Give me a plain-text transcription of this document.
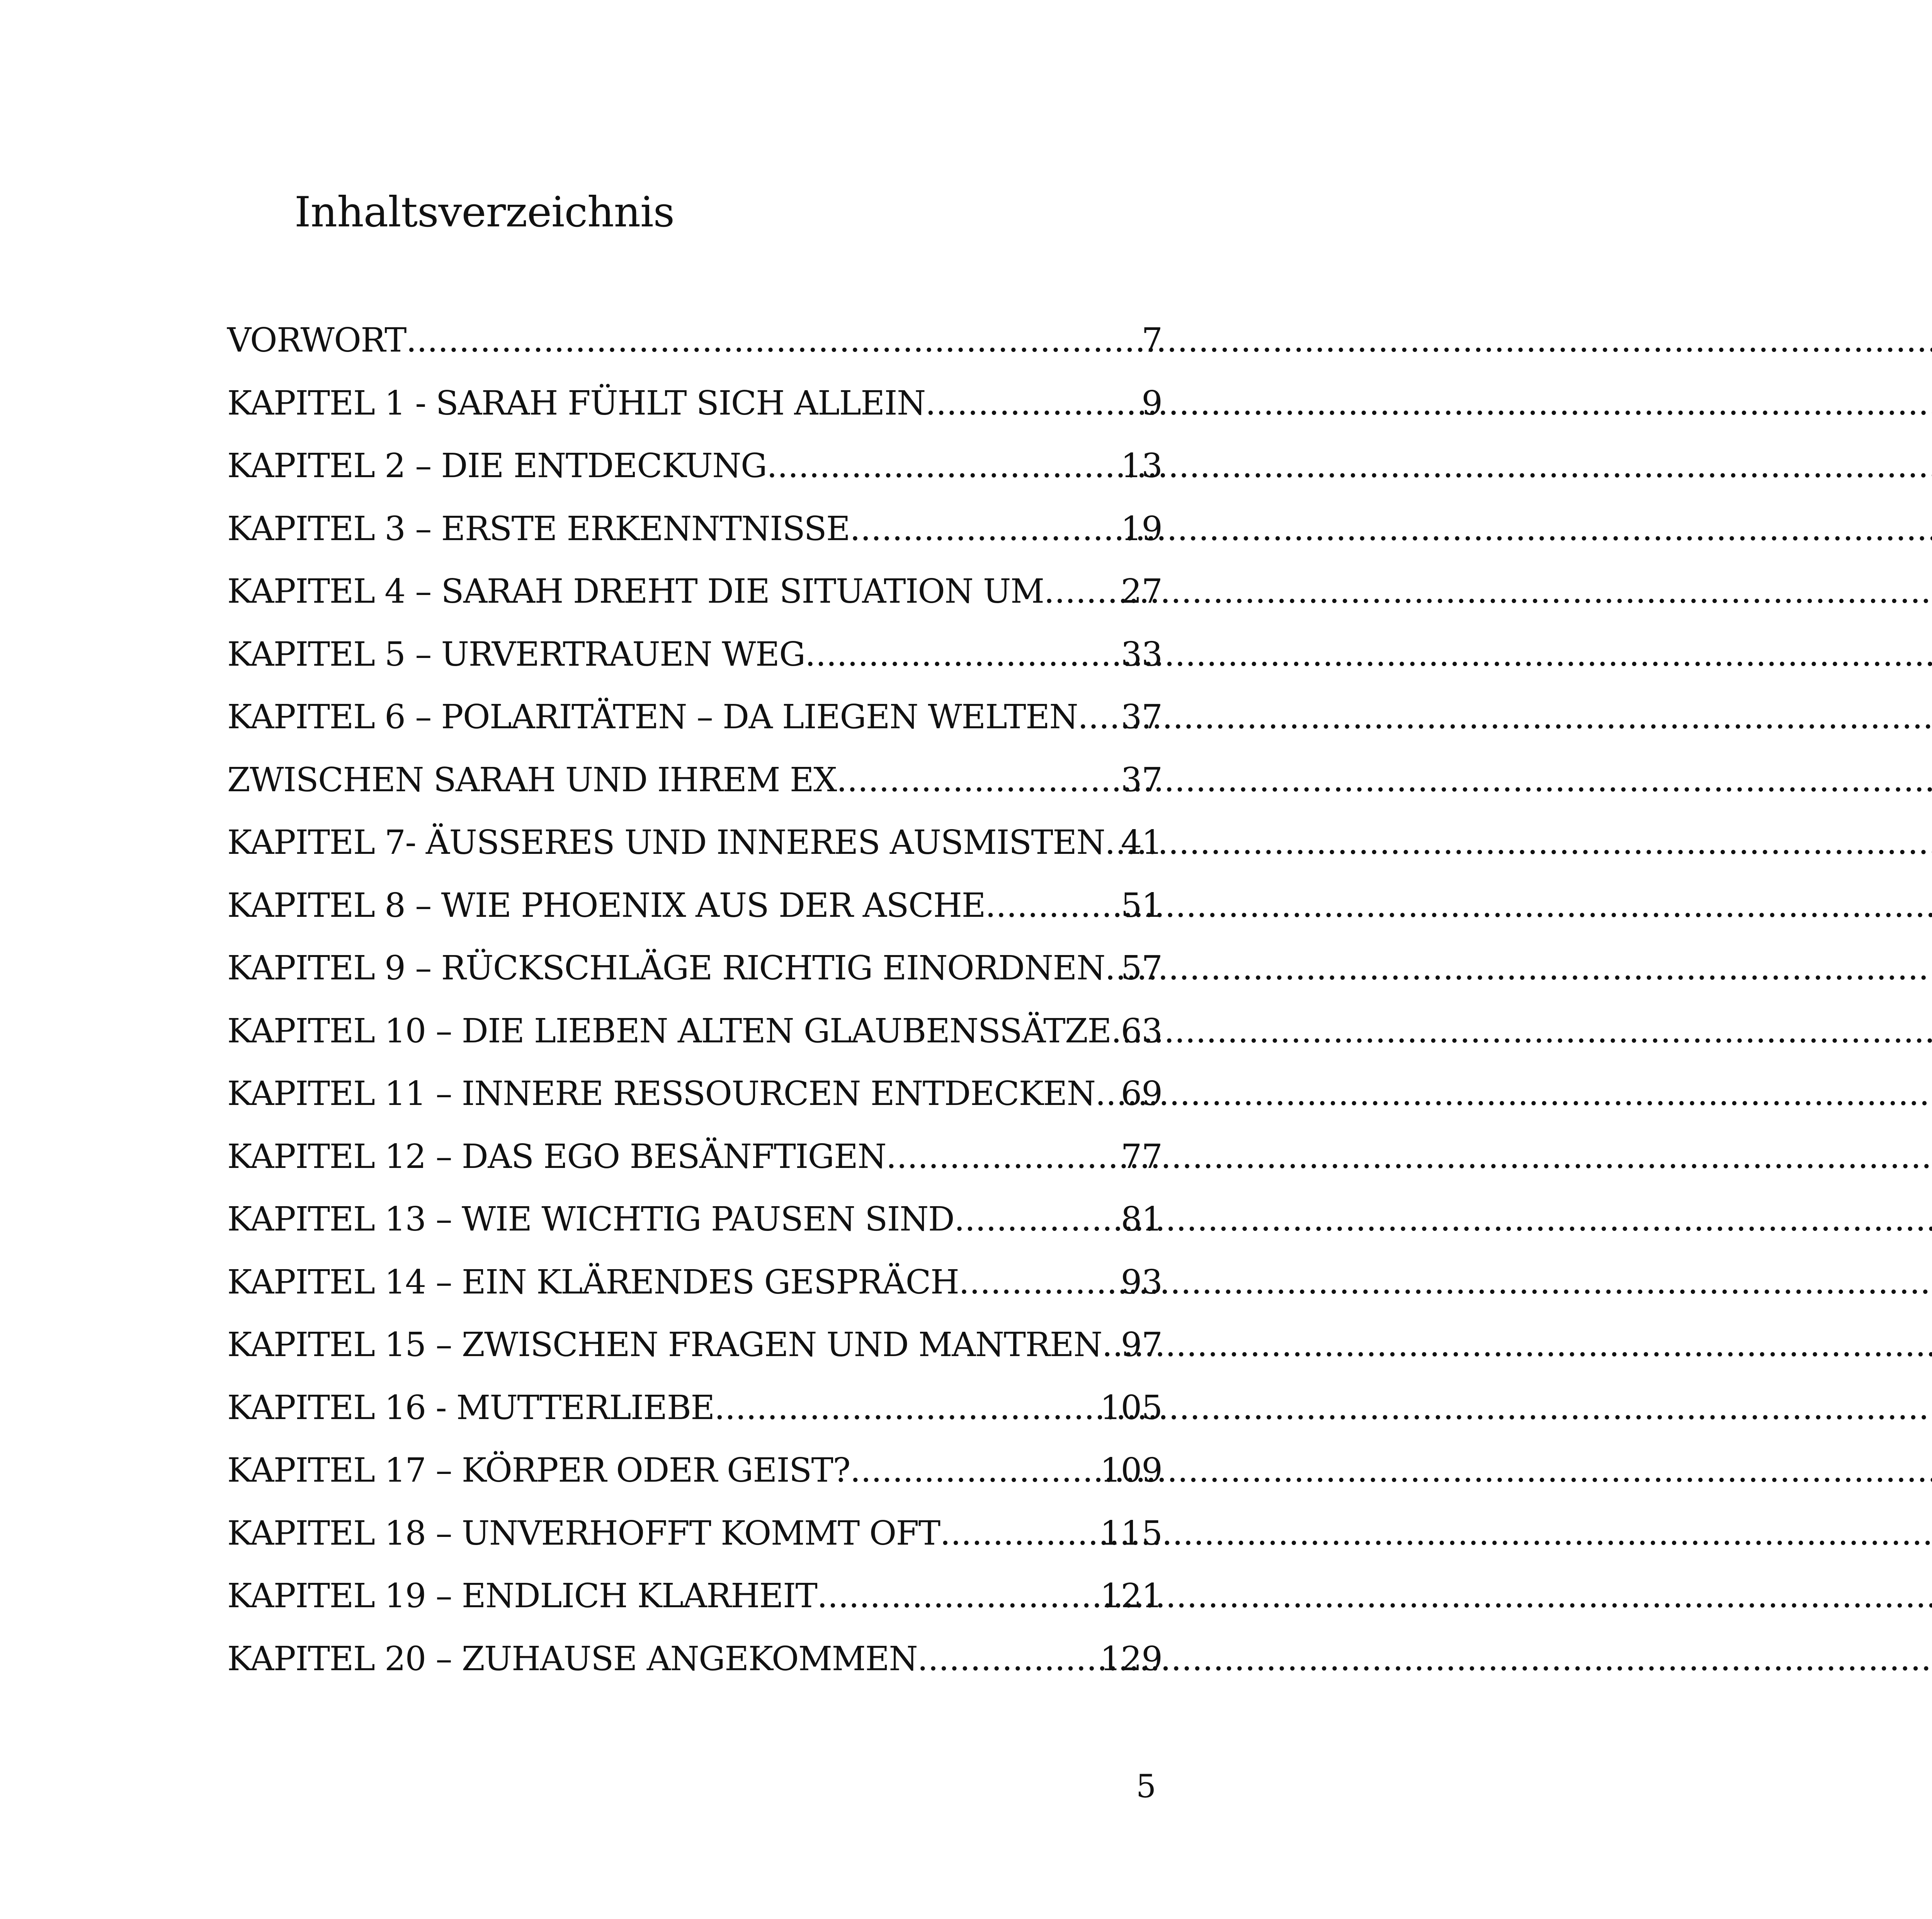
Inhaltsverzeichnis
VORWORT .....	7
KAPITEL 1 - SARAH FÜHLT SICH ALLEIN .....	9
KAPITEL 2 – DIE ENTDECKUNG .....	13
KAPITEL 3 – ERSTE ERKENNTNISSE .....	19
KAPITEL 4 – SARAH DREHT DIE SITUATION UM ..... 27
KAPITEL 5 – URVERTRAUEN WEG .....	33
KAPITEL 6 – POLARITÄTEN – DA LIEGEN WELTEN ..... 37
ZWISCHEN SARAH UND IHREM EX .....	37
KAPITEL 7- ÄUSSERES UND INNERES AUSMISTEN ..... 41
KAPITEL 8 – WIE PHOENIX AUS DER ASCHE .....	51
KAPITEL 9 – RÜCKSCHLÄGE RICHTIG EINORDNEN ..... 57
KAPITEL 10 – DIE LIEBEN ALTEN GLAUBENSSÄTZE ..... 63
KAPITEL 11 – INNERE RESSOURCEN ENTDECKEN ..... 69
KAPITEL 12 – DAS EGO BESÄNFTIGEN .....	77
KAPITEL 13 – WIE WICHTIG PAUSEN SIND .....	81
KAPITEL 14 – EIN KLÄRENDES GESPRÄCH .....	93
KAPITEL 15 – ZWISCHEN FRAGEN UND MANTREN ..... 97
KAPITEL 16 - MUTTERLIEBE .....	105
KAPITEL 17 – KÖRPER ODER GEIST? .....	109
KAPITEL 18 – UNVERHOFFT KOMMT OFT .....	115
KAPITEL 19 – ENDLICH KLARHEIT .....	121
KAPITEL 20 – ZUHAUSE ANGEKOMMEN .....	129
5
